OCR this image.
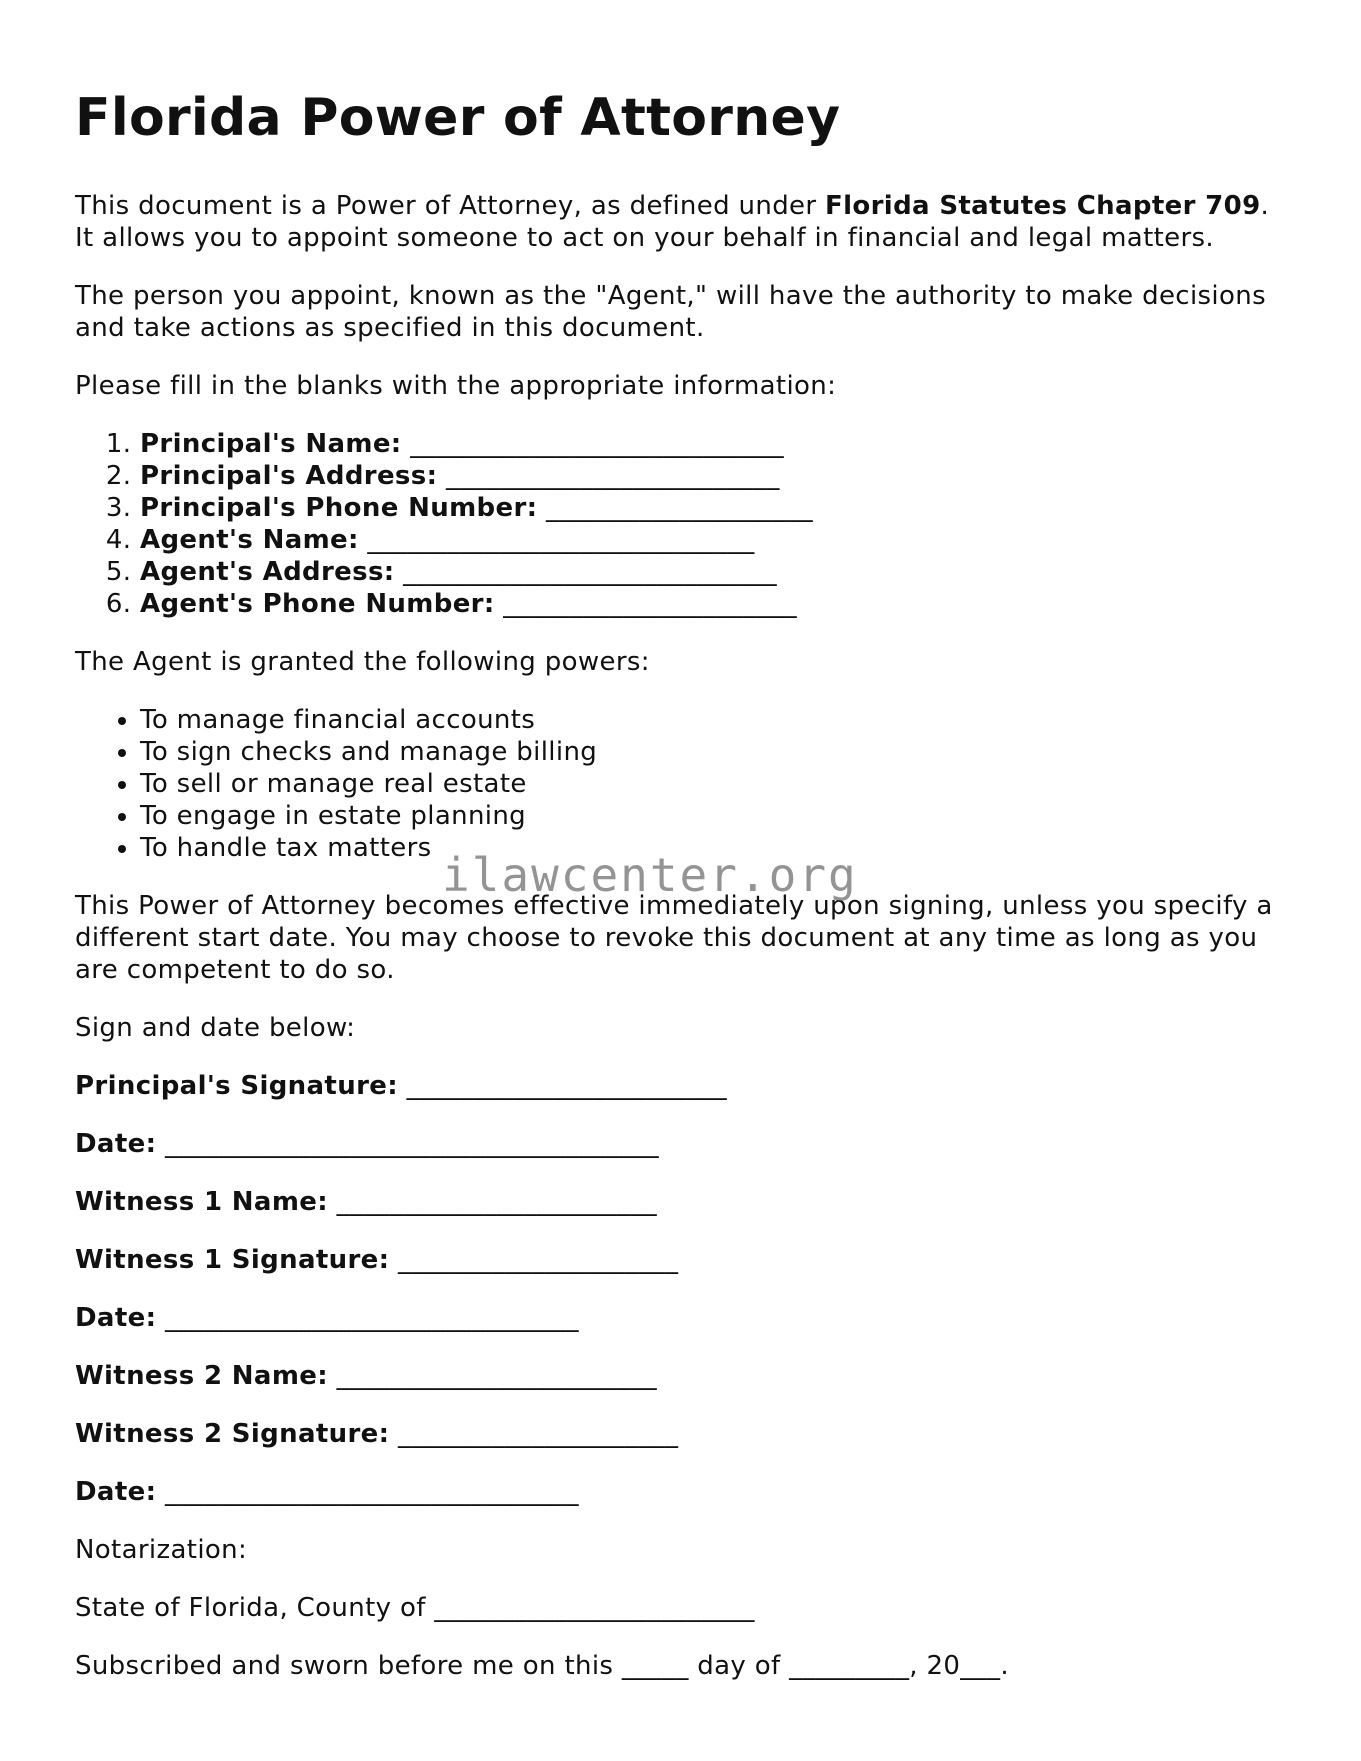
Florida Power of Attorney

This document is a Power of Attorney, as defined under Florida Statutes Chapter 709. It allows you to appoint someone to act on your behalf in financial and legal matters.

The person you appoint, known as the "Agent," will have the authority to make decisions and take actions as specified in this document.

Please fill in the blanks with the appropriate information:

1. Principal's Name: ____________________________
2. Principal's Address: _________________________
3. Principal's Phone Number: ____________________
4. Agent's Name: _____________________________
5. Agent's Address: ____________________________
6. Agent's Phone Number: ______________________

The Agent is granted the following powers:

• To manage financial accounts
• To sign checks and manage billing
• To sell or manage real estate
• To engage in estate planning
• To handle tax matters

This Power of Attorney becomes effective immediately upon signing, unless you specify a different start date. You may choose to revoke this document at any time as long as you are competent to do so.

Sign and date below:

Principal's Signature: ________________________

Date: _____________________________________

Witness 1 Name: ________________________

Witness 1 Signature: _____________________

Date: _______________________________

Witness 2 Name: ________________________

Witness 2 Signature: _____________________

Date: _______________________________

Notarization:

State of Florida, County of ________________________

Subscribed and sworn before me on this _____ day of _________, 20___.

ilawcenter.org
